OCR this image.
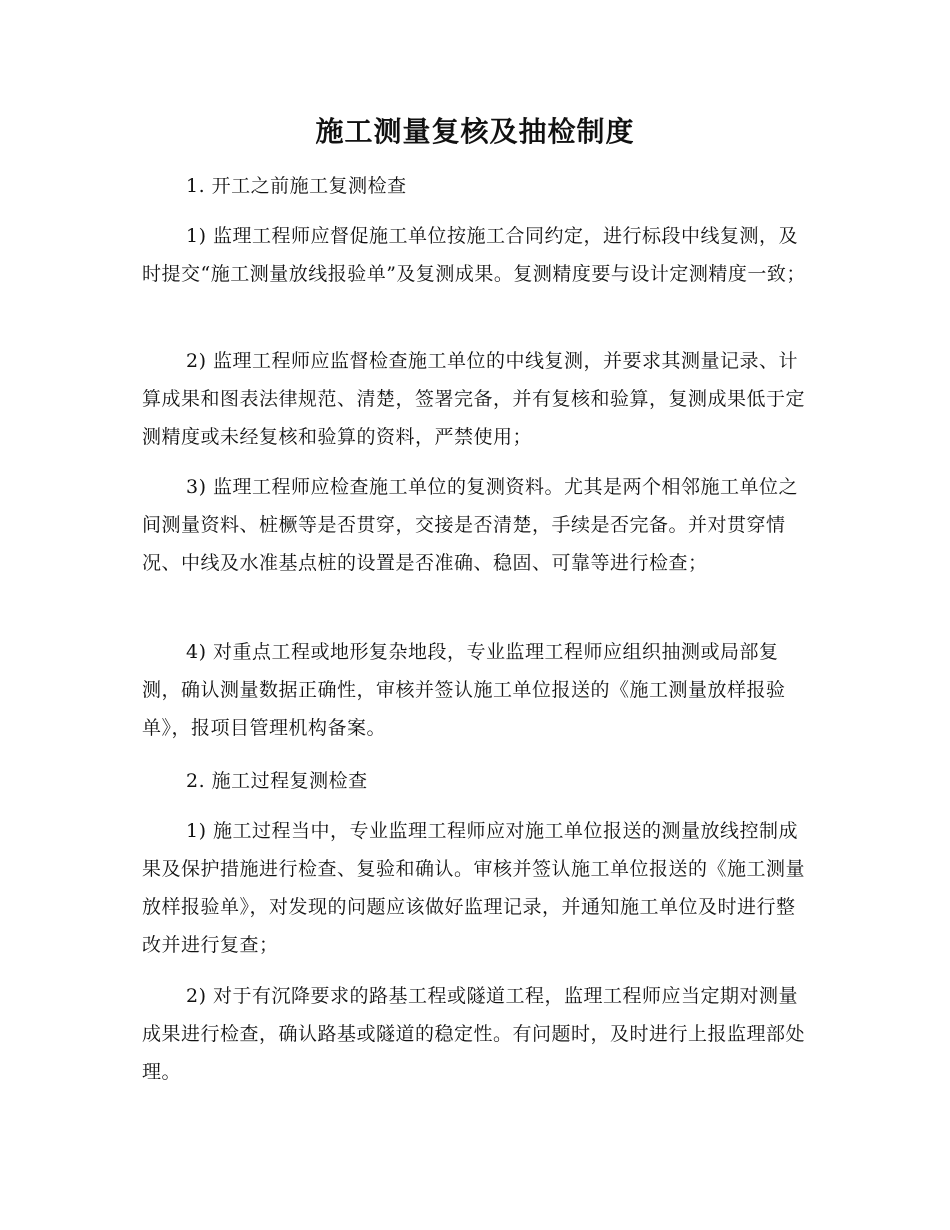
施工测量复核及抽检制度
1. 开工之前施工复测检查
1) 监理工程师应督促施工单位按施工合同约定，进行标段中线复测，及时提交“施工测量放线报验单”及复测成果。复测精度要与设计定测精度一致；
2) 监理工程师应监督检查施工单位的中线复测，并要求其测量记录、计算成果和图表法律规范、清楚，签署完备，并有复核和验算，复测成果低于定测精度或未经复核和验算的资料，严禁使用；
3) 监理工程师应检查施工单位的复测资料。尤其是两个相邻施工单位之间测量资料、桩橛等是否贯穿，交接是否清楚，手续是否完备。并对贯穿情况、中线及水准基点桩的设置是否准确、稳固、可靠等进行检查；
4) 对重点工程或地形复杂地段，专业监理工程师应组织抽测或局部复测，确认测量数据正确性，审核并签认施工单位报送的《施工测量放样报验单》，报项目管理机构备案。
2. 施工过程复测检查
1) 施工过程当中，专业监理工程师应对施工单位报送的测量放线控制成果及保护措施进行检查、复验和确认。审核并签认施工单位报送的《施工测量放样报验单》，对发现的问题应该做好监理记录，并通知施工单位及时进行整改并进行复查；
2) 对于有沉降要求的路基工程或隧道工程，监理工程师应当定期对测量成果进行检查，确认路基或隧道的稳定性。有问题时，及时进行上报监理部处理。
